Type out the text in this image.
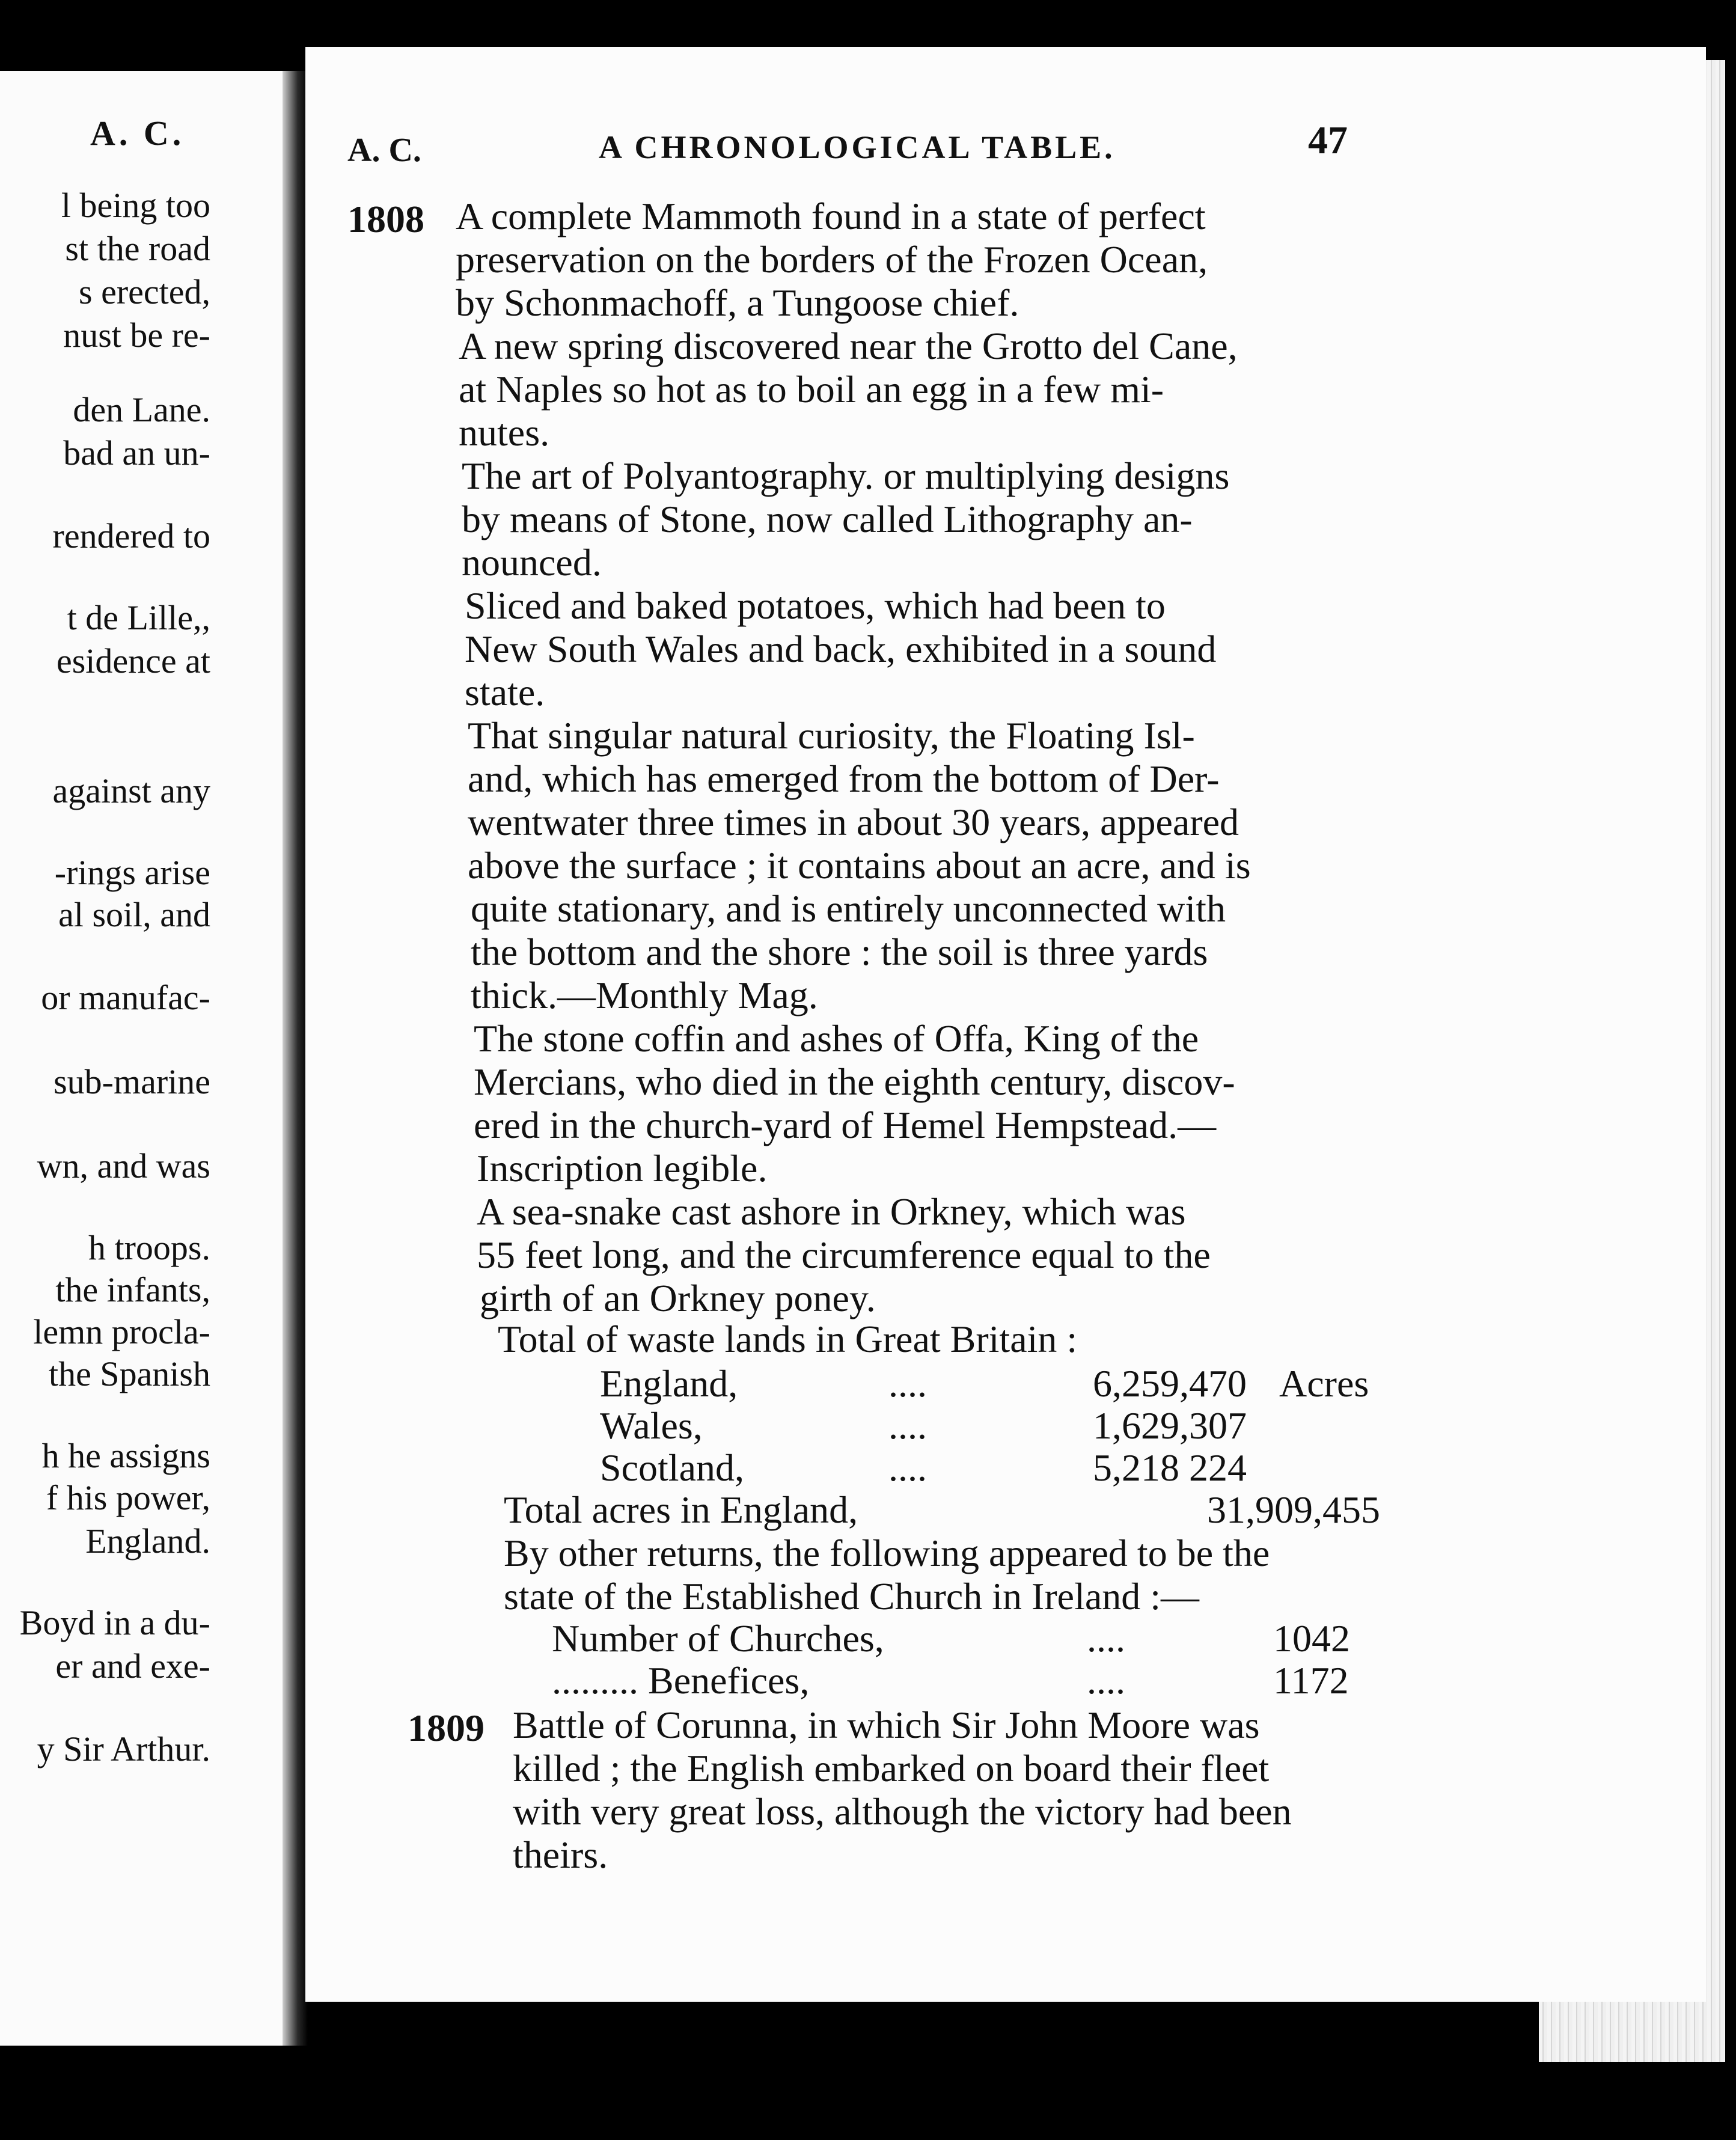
A. C.
l being too
st the road
s erected,
nust be re-
den Lane.
bad an un-
rendered to
t de Lille,,
esidence at
against any
-rings arise
al soil, and
or manufac-
sub-marine
wn, and was
h troops.
the infants,
lemn procla-
the Spanish
h he assigns
f his power,
England.
Boyd in a du-
er and exe-
y Sir Arthur.
A. C.	A CHRONOLOGICAL TABLE.	47
1808 A complete Mammoth found in a state of perfect
preservation on the borders of the Frozen Ocean,
by Schonmachoff, a Tungoose chief.
A new spring discovered near the Grotto del Cane,
at Naples so hot as to boil an egg in a few mi-
nutes.
The art of Polyantography. or multiplying designs
by means of Stone, now called Lithography an-
nounced.
Sliced and baked potatoes, which had been to
New South Wales and back, exhibited in a sound
state.
That singular natural curiosity, the Floating Isl-
and, which has emerged from the bottom of Der-
wentwater three times in about 30 years, appeared
above the surface ; it contains about an acre, and is
quite stationary, and is entirely unconnected with
the bottom and the shore : the soil is three yards
thick.—Monthly Mag.
The stone coffin and ashes of Offa, King of the
Mercians, who died in the eighth century, discov-
ered in the church-yard of Hemel Hempstead.—
Inscription legible.
A sea-snake cast ashore in Orkney, which was
55 feet long, and the circumference equal to the
girth of an Orkney poney.
Total of waste lands in Great Britain :
England,	....	6,259,470 Acres
Wales,	....	1,629,307
Scotland,	....	5,218 224
Total acres in England,	31,909,455
By other returns, the following appeared to be the
state of the Established Church in Ireland :—
Number of Churches,	....	1042
......... Benefices,	....	1172
1809 Battle of Corunna, in which Sir John Moore was
killed ; the English embarked on board their fleet
with very great loss, although the victory had been
theirs.
